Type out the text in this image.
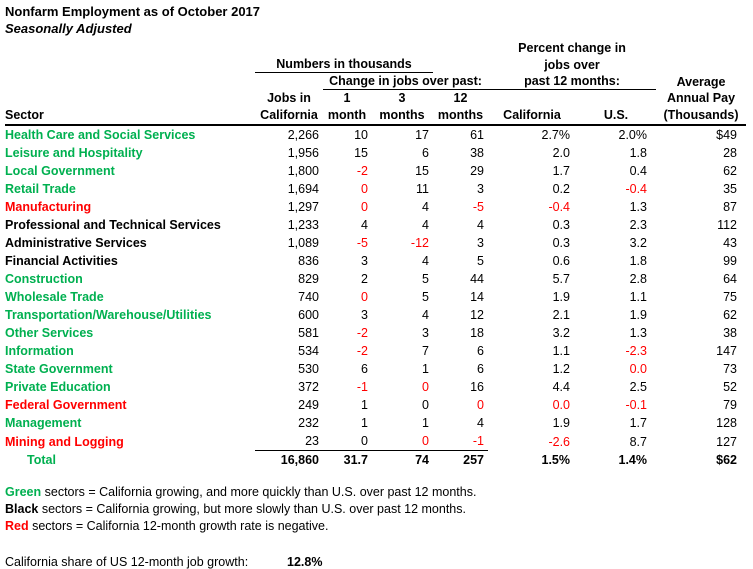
Nonfarm Employment as of October 2017
Seasonally Adjusted
					Percent change in		
	Numbers in thousands				jobs over		
		Change in jobs over past:			past 12 months:		Average
	Jobs in	1	3	12			Annual Pay
Sector	California	month	months	months	California	U.S.	(Thousands)
Health Care and Social Services	2,266	10	17	61	2.7%	2.0%	$49
Leisure and Hospitality	1,956	15	6	38	2.0	1.8	28
Local Government	1,800	-2	15	29	1.7	0.4	62
Retail Trade	1,694	0	11	3	0.2	-0.4	35
Manufacturing	1,297	0	4	-5	-0.4	1.3	87
Professional and Technical Services	1,233	4	4	4	0.3	2.3	112
Administrative Services	1,089	-5	-12	3	0.3	3.2	43
Financial Activities	836	3	4	5	0.6	1.8	99
Construction	829	2	5	44	5.7	2.8	64
Wholesale Trade	740	0	5	14	1.9	1.1	75
Transportation/Warehouse/Utilities	600	3	4	12	2.1	1.9	62
Other Services	581	-2	3	18	3.2	1.3	38
Information	534	-2	7	6	1.1	-2.3	147
State Government	530	6	1	6	1.2	0.0	73
Private Education	372	-1	0	16	4.4	2.5	52
Federal Government	249	1	0	0	0.0	-0.1	79
Management	232	1	1	4	1.9	1.7	128
Mining and Logging	23	0	0	-1	-2.6	8.7	127
Total	16,860	31.7	74	257	1.5%	1.4%	$62
Green sectors = California growing, and more quickly than U.S. over past 12 months.
Black sectors = California growing, but more slowly than U.S. over past 12 months.
Red sectors = California 12-month growth rate is negative.
California share of US 12-month job growth:	12.8%
